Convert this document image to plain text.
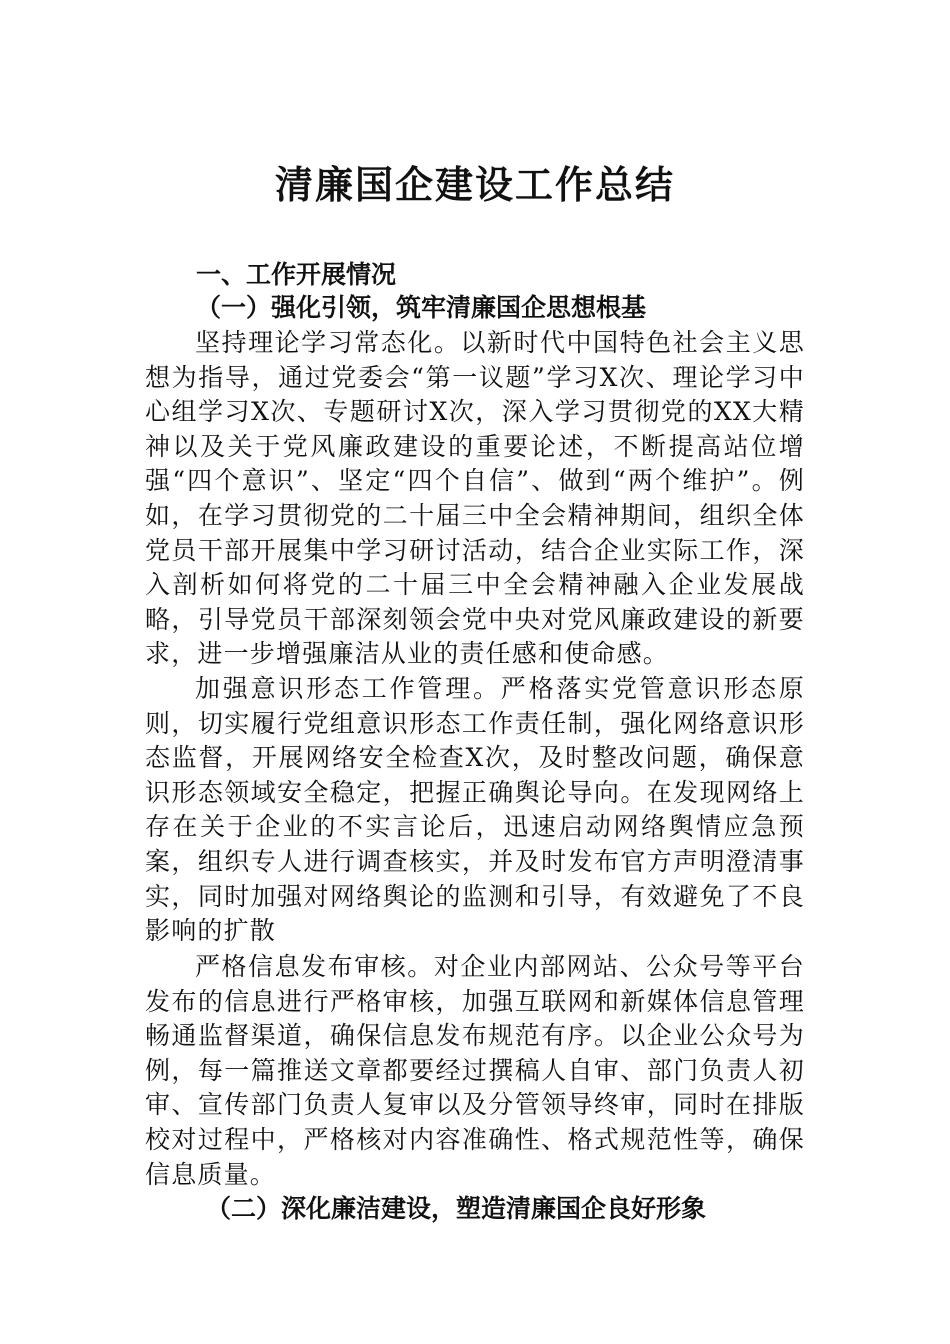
清廉国企建设工作总结
一、工作开展情况
（一）强化引领，筑牢清廉国企思想根基

坚持理论学习常态化。以新时代中国特色社会主义思想为指导，通过党委会“第一议题”学习X次、理论学习中心组学习X次、专题研讨X次，深入学习贯彻党的XX大精神以及关于党风廉政建设的重要论述，不断提高站位增强“四个意识”、坚定“四个自信”、做到“两个维护”。例如，在学习贯彻党的二十届三中全会精神期间，组织全体党员干部开展集中学习研讨活动，结合企业实际工作，深入剖析如何将党的二十届三中全会精神融入企业发展战略，引导党员干部深刻领会党中央对党风廉政建设的新要求，进一步增强廉洁从业的责任感和使命感。

加强意识形态工作管理。严格落实党管意识形态原则，切实履行党组意识形态工作责任制，强化网络意识形态监督，开展网络安全检查X次，及时整改问题，确保意识形态领域安全稳定，把握正确舆论导向。在发现网络上存在关于企业的不实言论后，迅速启动网络舆情应急预案，组织专人进行调查核实，并及时发布官方声明澄清事实，同时加强对网络舆论的监测和引导，有效避免了不良影响的扩散

严格信息发布审核。对企业内部网站、公众号等平台发布的信息进行严格审核，加强互联网和新媒体信息管理畅通监督渠道，确保信息发布规范有序。以企业公众号为例，每一篇推送文章都要经过撰稿人自审、部门负责人初审、宣传部门负责人复审以及分管领导终审，同时在排版校对过程中，严格核对内容准确性、格式规范性等，确保信息质量。

（二）深化廉洁建设，塑造清廉国企良好形象
